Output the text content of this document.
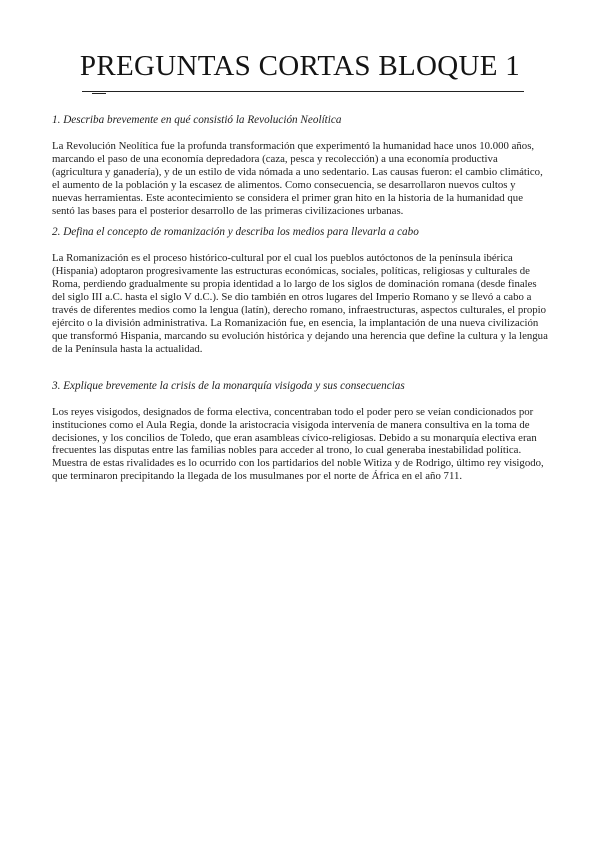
PREGUNTAS CORTAS BLOQUE 1

1. Describa brevemente en qué consistió la Revolución Neolítica

La Revolución Neolítica fue la profunda transformación que experimentó la humanidad hace unos 10.000 años, marcando el paso de una economía depredadora (caza, pesca y recolección) a una economía productiva (agricultura y ganadería), y de un estilo de vida nómada a uno sedentario. Las causas fueron: el cambio climático, el aumento de la población y la escasez de alimentos. Como consecuencia, se desarrollaron nuevos cultos y nuevas herramientas. Este acontecimiento se considera el primer gran hito en la historia de la humanidad que sentó las bases para el posterior desarrollo de las primeras civilizaciones urbanas.

2. Defina el concepto de romanización y describa los medios para llevarla a cabo

La Romanización es el proceso histórico-cultural por el cual los pueblos autóctonos de la península ibérica (Hispania) adoptaron progresivamente las estructuras económicas, sociales, políticas, religiosas y culturales de Roma, perdiendo gradualmente su propia identidad a lo largo de los siglos de dominación romana (desde finales del siglo III a.C. hasta el siglo V d.C.). Se dio también en otros lugares del Imperio Romano y se llevó a cabo a través de diferentes medios como la lengua (latín), derecho romano, infraestructuras, aspectos culturales, el propio ejército o la división administrativa. La Romanización fue, en esencia, la implantación de una nueva civilización que transformó Hispania, marcando su evolución histórica y dejando una herencia que define la cultura y la lengua de la Península hasta la actualidad.

3. Explique brevemente la crisis de la monarquía visigoda y sus consecuencias

Los reyes visigodos, designados de forma electiva, concentraban todo el poder pero se veían condicionados por instituciones como el Aula Regia, donde la aristocracia visigoda intervenía de manera consultiva en la toma de decisiones, y los concilios de Toledo, que eran asambleas cívico-religiosas. Debido a su monarquía electiva eran frecuentes las disputas entre las familias nobles para acceder al trono, lo cual generaba inestabilidad política. Muestra de estas rivalidades es lo ocurrido con los partidarios del noble Witiza y de Rodrigo, último rey visigodo, que terminaron precipitando la llegada de los musulmanes por el norte de África en el año 711.
